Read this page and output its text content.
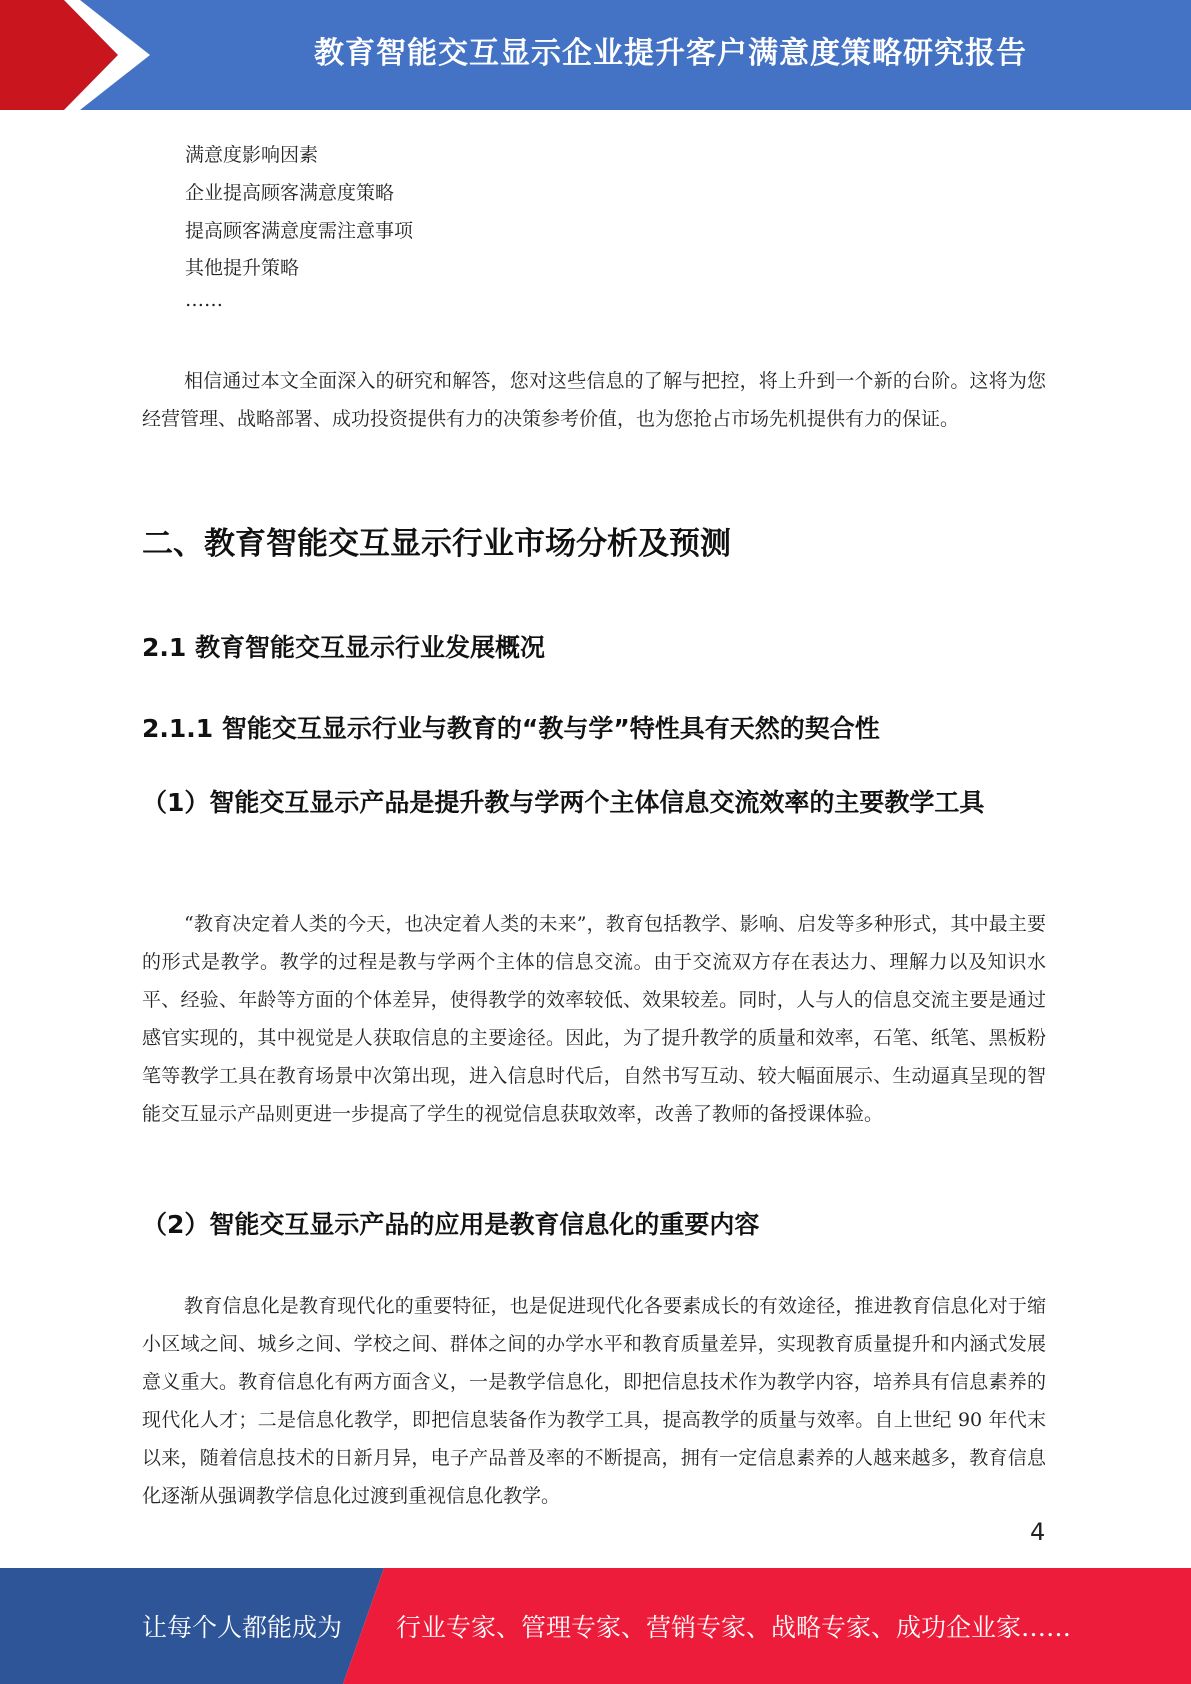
教育智能交互显示企业提升客户满意度策略研究报告
满意度影响因素
企业提高顾客满意度策略
提高顾客满意度需注意事项
其他提升策略
……

相信通过本文全面深入的研究和解答，您对这些信息的了解与把控，将上升到一个新的台阶。这将为您经营管理、战略部署、成功投资提供有力的决策参考价值，也为您抢占市场先机提供有力的保证。

二、教育智能交互显示行业市场分析及预测
2.1 教育智能交互显示行业发展概况
2.1.1 智能交互显示行业与教育的“教与学”特性具有天然的契合性

（1）智能交互显示产品是提升教与学两个主体信息交流效率的主要教学工具

“教育决定着人类的今天，也决定着人类的未来”，教育包括教学、影响、启发等多种形式，其中最主要的形式是教学。教学的过程是教与学两个主体的信息交流。由于交流双方存在表达力、理解力以及知识水平、经验、年龄等方面的个体差异，使得教学的效率较低、效果较差。同时，人与人的信息交流主要是通过感官实现的，其中视觉是人获取信息的主要途径。因此，为了提升教学的质量和效率，石笔、纸笔、黑板粉笔等教学工具在教育场景中次第出现，进入信息时代后，自然书写互动、较大幅面展示、生动逼真呈现的智能交互显示产品则更进一步提高了学生的视觉信息获取效率，改善了教师的备授课体验。

（2）智能交互显示产品的应用是教育信息化的重要内容

教育信息化是教育现代化的重要特征，也是促进现代化各要素成长的有效途径，推进教育信息化对于缩小区域之间、城乡之间、学校之间、群体之间的办学水平和教育质量差异，实现教育质量提升和内涵式发展意义重大。教育信息化有两方面含义，一是教学信息化，即把信息技术作为教学内容，培养具有信息素养的现代化人才；二是信息化教学，即把信息装备作为教学工具，提高教学的质量与效率。自上世纪 90 年代末以来，随着信息技术的日新月异，电子产品普及率的不断提高，拥有一定信息素养的人越来越多，教育信息化逐渐从强调教学信息化过渡到重视信息化教学。

4
让每个人都能成为 行业专家、管理专家、营销专家、战略专家、成功企业家……
